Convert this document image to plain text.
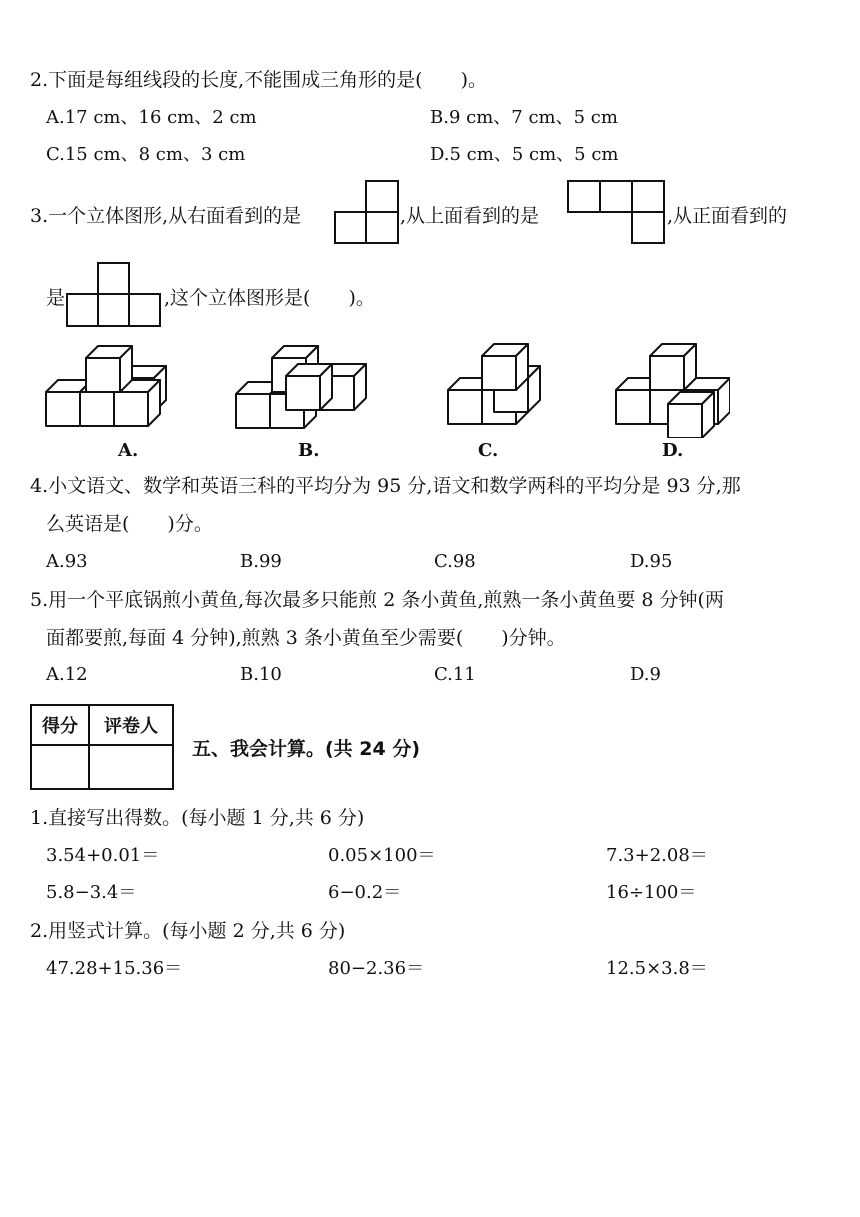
2.下面是每组线段的长度,不能围成三角形的是(　　)。
A.17 cm、16 cm、2 cm	B.9 cm、7 cm、5 cm
C.15 cm、8 cm、3 cm	D.5 cm、5 cm、5 cm
3.一个立体图形,从右面看到的是	,从上面看到的是	,从正面看到的
是	,这个立体图形是(　　)。
A.	B.	C.	D.
4.小文语文、数学和英语三科的平均分为 95 分,语文和数学两科的平均分是 93 分,那
么英语是(　　)分。
A.93	B.99	C.98	D.95
5.用一个平底锅煎小黄鱼,每次最多只能煎 2 条小黄鱼,煎熟一条小黄鱼要 8 分钟(两
面都要煎,每面 4 分钟),煎熟 3 条小黄鱼至少需要(　　)分钟。
A.12	B.10	C.11	D.9
得分	评卷人
五、我会计算。(共 24 分)
1.直接写出得数。(每小题 1 分,共 6 分)
3.54+0.01＝	0.05×100＝	7.3+2.08＝
5.8−3.4＝	6−0.2＝	16÷100＝
2.用竖式计算。(每小题 2 分,共 6 分)
47.28+15.36＝	80−2.36＝	12.5×3.8＝
